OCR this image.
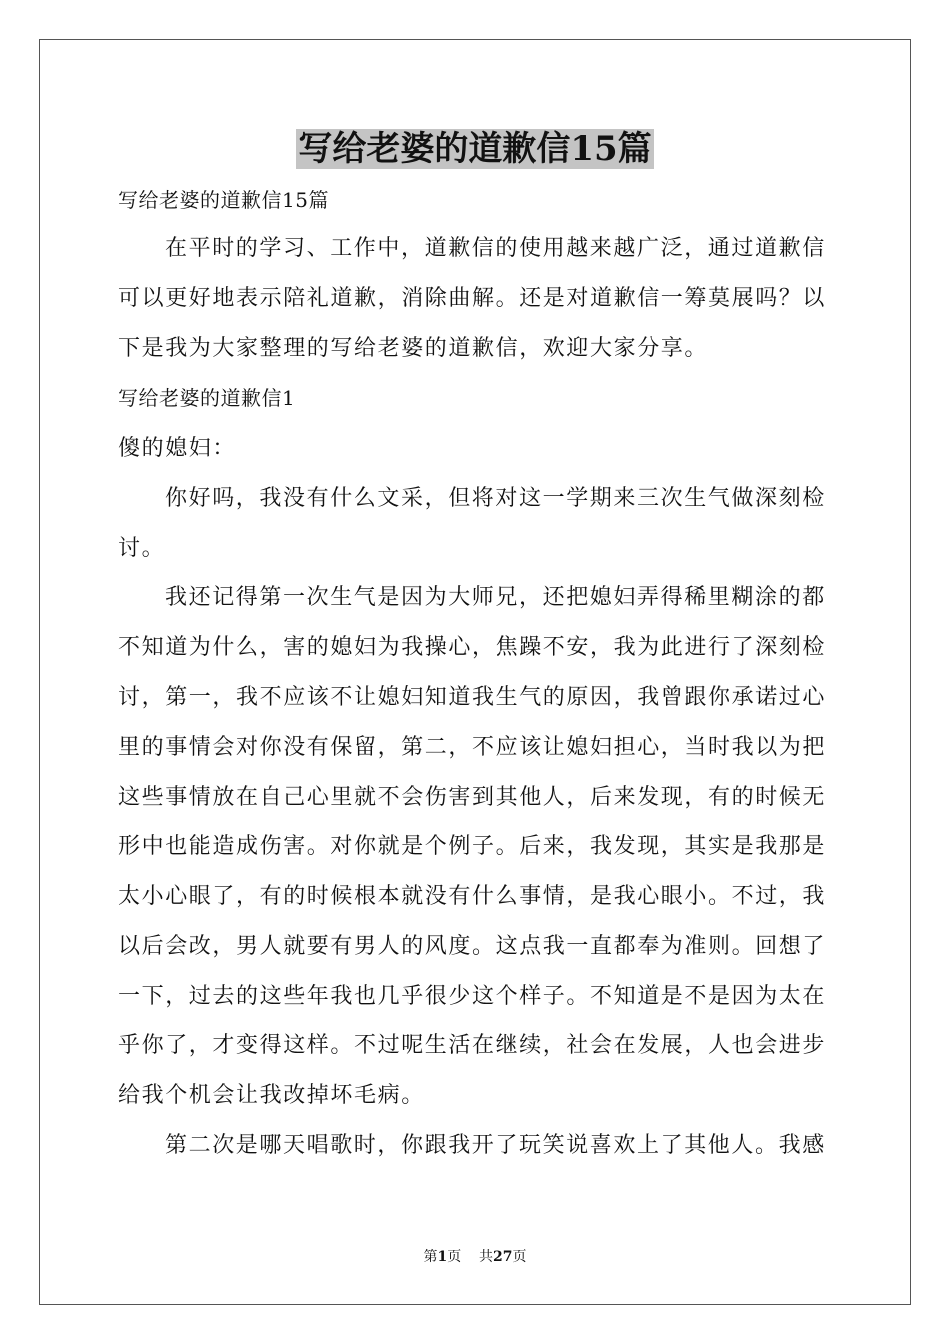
写给老婆的道歉信15篇
写给老婆的道歉信15篇
在平时的学习、工作中，道歉信的使用越来越广泛，通过道歉信
可以更好地表示陪礼道歉，消除曲解。还是对道歉信一筹莫展吗？以
下是我为大家整理的写给老婆的道歉信，欢迎大家分享。
写给老婆的道歉信1
傻的媳妇：
你好吗，我没有什么文采，但将对这一学期来三次生气做深刻检
讨。
我还记得第一次生气是因为大师兄，还把媳妇弄得稀里糊涂的都
不知道为什么，害的媳妇为我操心，焦躁不安，我为此进行了深刻检
讨，第一，我不应该不让媳妇知道我生气的原因，我曾跟你承诺过心
里的事情会对你没有保留，第二，不应该让媳妇担心，当时我以为把
这些事情放在自己心里就不会伤害到其他人，后来发现，有的时候无
形中也能造成伤害。对你就是个例子。后来，我发现，其实是我那是
太小心眼了，有的时候根本就没有什么事情，是我心眼小。不过，我
以后会改，男人就要有男人的风度。这点我一直都奉为准则。回想了
一下，过去的这些年我也几乎很少这个样子。不知道是不是因为太在
乎你了，才变得这样。不过呢生活在继续，社会在发展，人也会进步
给我个机会让我改掉坏毛病。
第二次是哪天唱歌时，你跟我开了玩笑说喜欢上了其他人。我感
第1页 共27页
